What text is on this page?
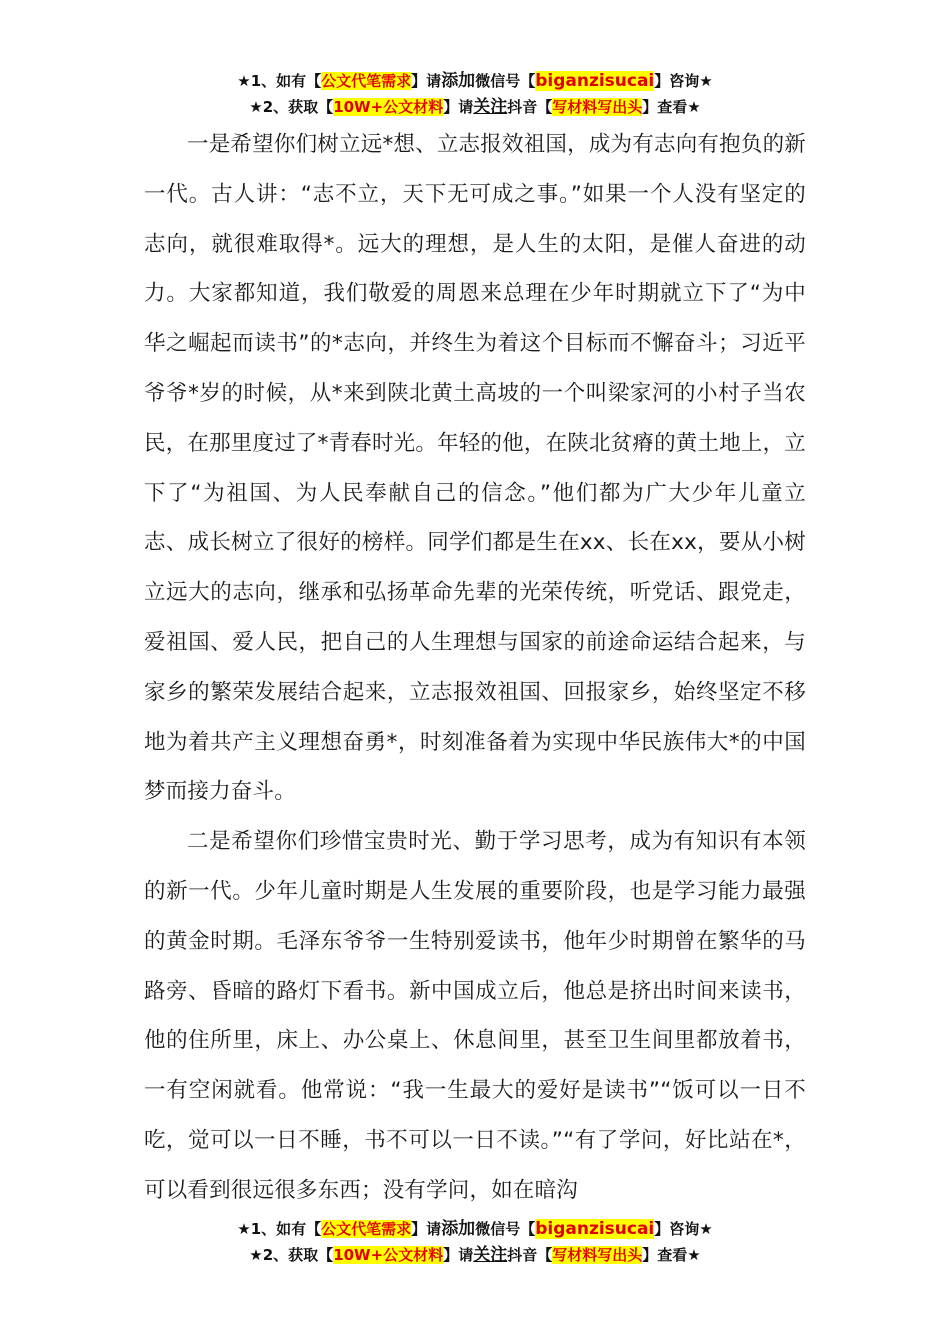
★1、如有【公文代笔需求】请添加微信号【biganzisucai】咨询★
★2、获取【10W+公文材料】请关注抖音【写材料写出头】查看★

一是希望你们树立远*想、立志报效祖国，成为有志向有抱负的新一代。古人讲：“志不立，天下无可成之事。”如果一个人没有坚定的志向，就很难取得*。远大的理想，是人生的太阳，是催人奋进的动力。大家都知道，我们敬爱的周恩来总理在少年时期就立下了“为中华之崛起而读书”的*志向，并终生为着这个目标而不懈奋斗；习近平爷爷*岁的时候，从*来到陕北黄土高坡的一个叫梁家河的小村子当农民，在那里度过了*青春时光。年轻的他，在陕北贫瘠的黄土地上，立下了“为祖国、为人民奉献自己的信念。”他们都为广大少年儿童立志、成长树立了很好的榜样。同学们都是生在xx、长在xx，要从小树立远大的志向，继承和弘扬革命先辈的光荣传统，听党话、跟党走，爱祖国、爱人民，把自己的人生理想与国家的前途命运结合起来，与家乡的繁荣发展结合起来，立志报效祖国、回报家乡，始终坚定不移地为着共产主义理想奋勇*，时刻准备着为实现中华民族伟大*的中国梦而接力奋斗。

二是希望你们珍惜宝贵时光、勤于学习思考，成为有知识有本领的新一代。少年儿童时期是人生发展的重要阶段，也是学习能力最强的黄金时期。毛泽东爷爷一生特别爱读书，他年少时期曾在繁华的马路旁、昏暗的路灯下看书。新中国成立后，他总是挤出时间来读书，他的住所里，床上、办公桌上、休息间里，甚至卫生间里都放着书，一有空闲就看。他常说：“我一生最大的爱好是读书”“饭可以一日不吃，觉可以一日不睡，书不可以一日不读。”“有了学问，好比站在*，可以看到很远很多东西；没有学问，如在暗沟

★1、如有【公文代笔需求】请添加微信号【biganzisucai】咨询★
★2、获取【10W+公文材料】请关注抖音【写材料写出头】查看★
